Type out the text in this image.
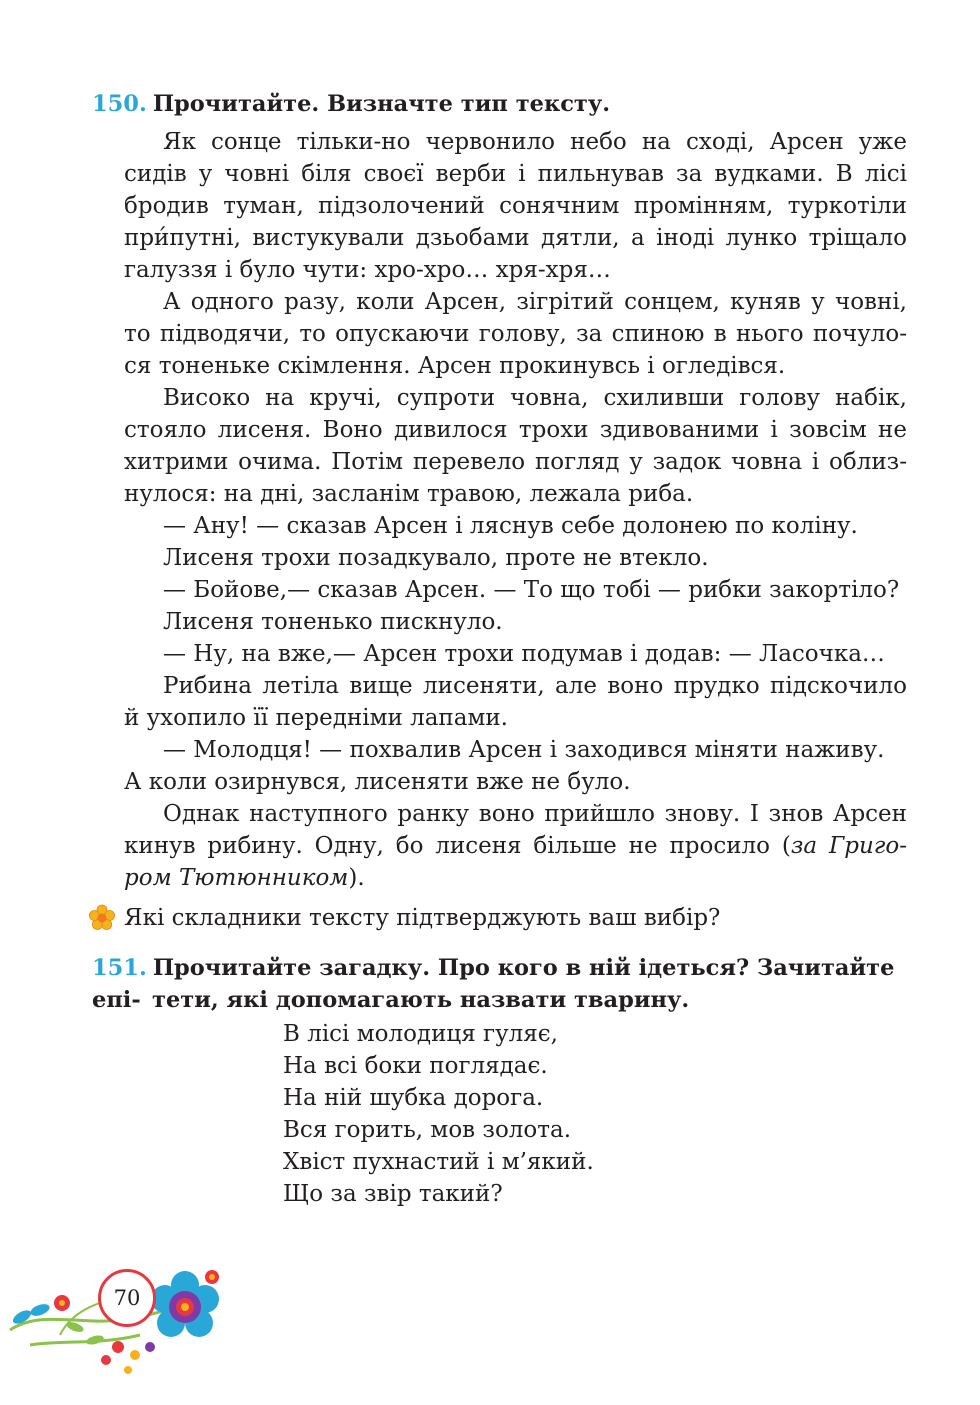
150. Прочитайте. Визначте тип тексту.
Як сонце тільки-но червонило небо на сході, Арсен уже
сидів у човні біля своєї верби і пильнував за вудками. В лісі
бродив туман, підзолочений сонячним промінням, туркотіли
при́путні, вистукували дзьобами дятли, а іноді лунко тріщало
галуззя і було чути: хро-хро… хря-хря…
А одного разу, коли Арсен, зігрітий сонцем, куняв у човні,
то підводячи, то опускаючи голову, за спиною в нього почуло-
ся тоненьке скімлення. Арсен прокинувсь і огледівся.
Високо на кручі, супроти човна, схиливши голову набік,
стояло лисеня. Воно дивилося трохи здивованими і зовсім не
хитрими очима. Потім перевело погляд у задок човна і облиз-
нулося: на дні, засланім травою, лежала риба.
— Ану! — сказав Арсен і ляснув себе долонею по коліну.
Лисеня трохи позадкувало, проте не втекло.
— Бойове,— сказав Арсен. — То що тобі — рибки закортіло?
Лисеня тоненько пискнуло.
— Ну, на вже,— Арсен трохи подумав і додав: — Ласочка…
Рибина летіла вище лисеняти, але воно прудко підскочило
й ухопило її передніми лапами.
— Молодця! — похвалив Арсен і заходився міняти наживу.
А коли озирнувся, лисеняти вже не було.
Однак наступного ранку воно прийшло знову. І знов Арсен
кинув рибину. Одну, бо лисеня більше не просило (за Григо-
ром Тютюнником).
Які складники тексту підтверджують ваш вибір?
151. Прочитайте загадку. Про кого в ній ідеться? Зачитайте епі- тети, які допомагають назвати тварину.
В лісі молодиця гуляє,
На всі боки поглядає.
На ній шубка дорога.
Вся горить, мов золота.
Хвіст пухнастий і м’який.
Що за звір такий?
70
